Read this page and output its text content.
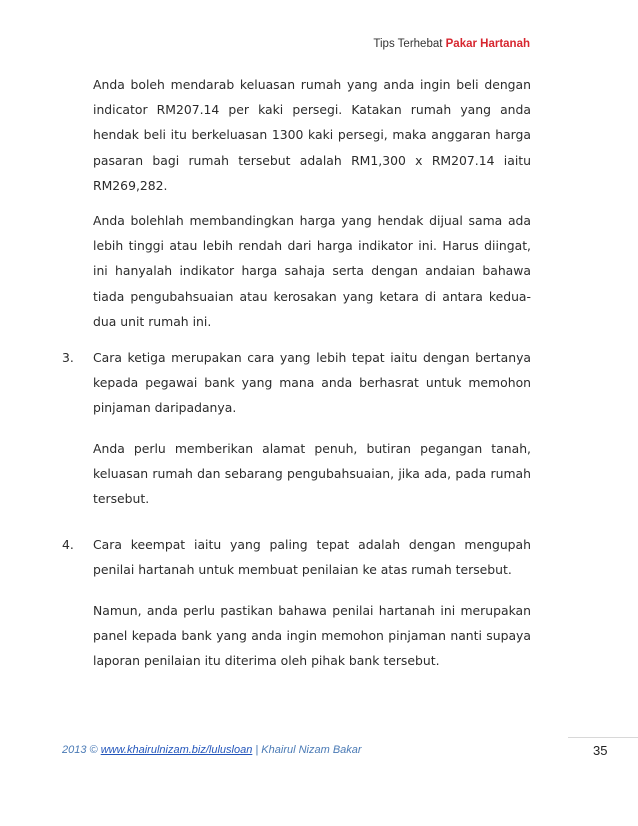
Tips Terhebat Pakar Hartanah

Anda boleh mendarab keluasan rumah yang anda ingin beli dengan indicator RM207.14 per kaki persegi. Katakan rumah yang anda hendak beli itu berkeluasan 1300 kaki persegi, maka anggaran harga pasaran bagi rumah tersebut adalah RM1,300 x RM207.14 iaitu RM269,282.

Anda bolehlah membandingkan harga yang hendak dijual sama ada lebih tinggi atau lebih rendah dari harga indikator ini. Harus diingat, ini hanyalah indikator harga sahaja serta dengan andaian bahawa tiada pengubahsuaian atau kerosakan yang ketara di antara kedua-dua unit rumah ini.

3. Cara ketiga merupakan cara yang lebih tepat iaitu dengan bertanya kepada pegawai bank yang mana anda berhasrat untuk memohon pinjaman daripadanya.

Anda perlu memberikan alamat penuh, butiran pegangan tanah, keluasan rumah dan sebarang pengubahsuaian, jika ada, pada rumah tersebut.

4. Cara keempat iaitu yang paling tepat adalah dengan mengupah penilai hartanah untuk membuat penilaian ke atas rumah tersebut.

Namun, anda perlu pastikan bahawa penilai hartanah ini merupakan panel kepada bank yang anda ingin memohon pinjaman nanti supaya laporan penilaian itu diterima oleh pihak bank tersebut.

2013 © www.khairulnizam.biz/lulusloan | Khairul Nizam Bakar	35
